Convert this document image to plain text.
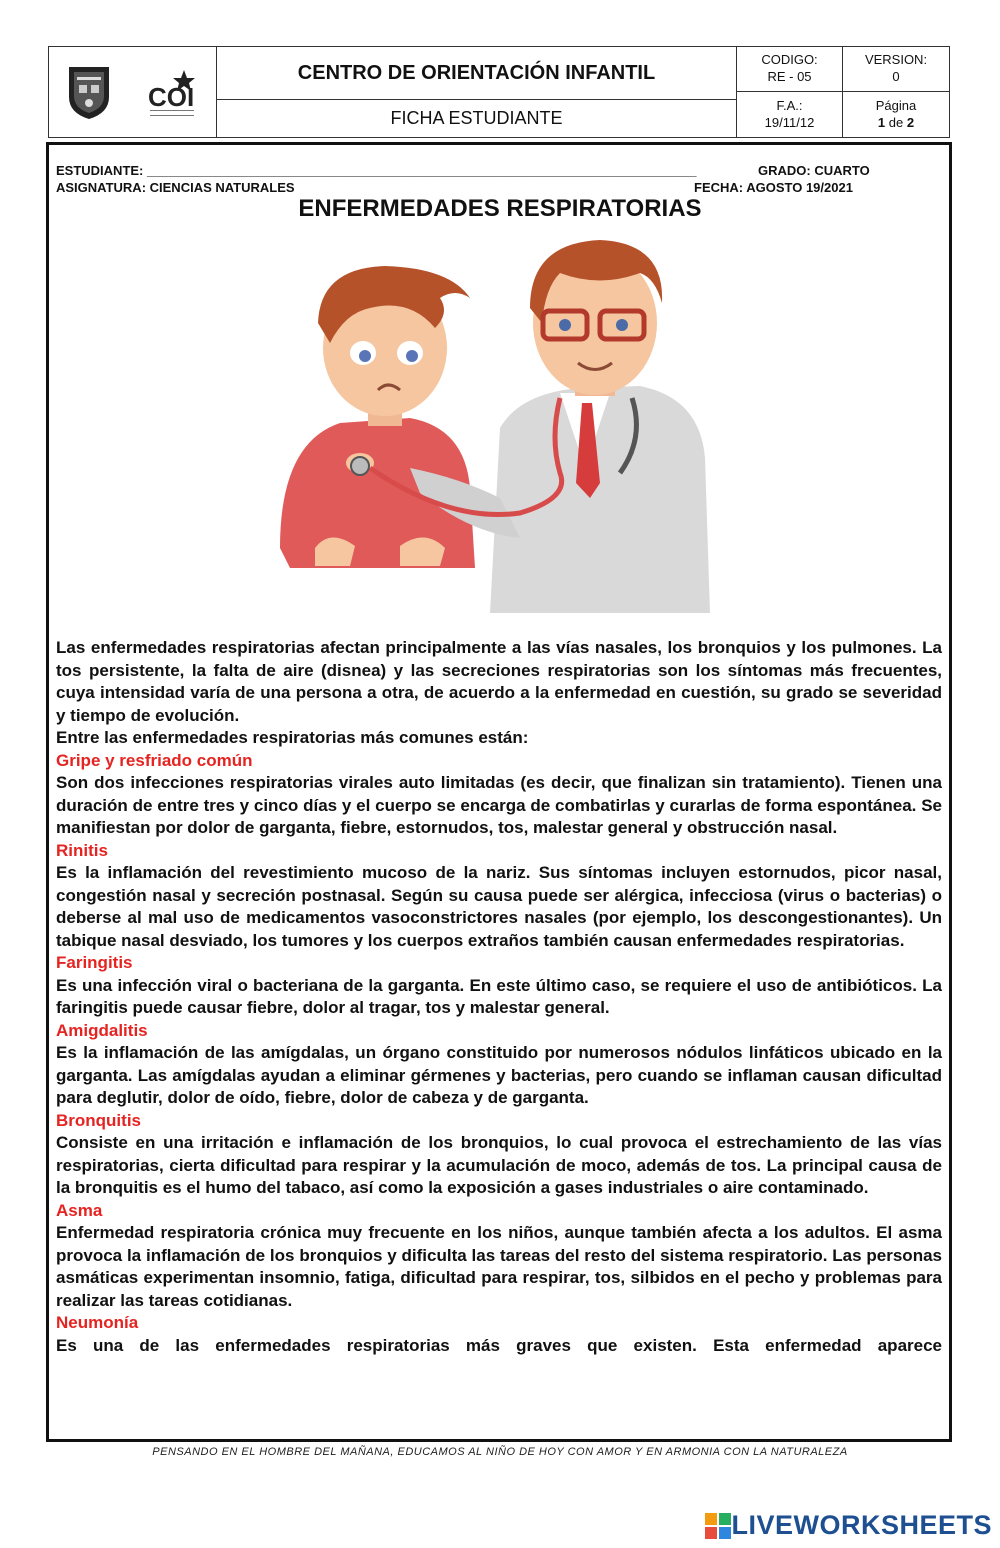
COI
CENTRO DE ORIENTACIÓN INFANTIL
FICHA ESTUDIANTE
CODIGO:
RE - 05
VERSION:
0
F.A.:
19/11/12
Página
1 de 2
ESTUDIANTE: ____________________________________________________________________________	GRADO: CUARTO
ASIGNATURA: CIENCIAS NATURALES	FECHA: AGOSTO 19/2021
ENFERMEDADES RESPIRATORIAS

Las enfermedades respiratorias afectan principalmente a las vías nasales, los bronquios y los pulmones. La tos persistente, la falta de aire (disnea) y las secreciones respiratorias son los síntomas más frecuentes, cuya intensidad varía de una persona a otra, de acuerdo a la enfermedad en cuestión, su grado se severidad y tiempo de evolución.

Entre las enfermedades respiratorias más comunes están:

Gripe y resfriado común

Son dos infecciones respiratorias virales auto limitadas (es decir, que finalizan sin tratamiento). Tienen una duración de entre tres y cinco días y el cuerpo se encarga de combatirlas y curarlas de forma espontánea. Se manifiestan por dolor de garganta, fiebre, estornudos, tos, malestar general y obstrucción nasal.

Rinitis

Es la inflamación del revestimiento mucoso de la nariz. Sus síntomas incluyen estornudos, picor nasal, congestión nasal y secreción postnasal. Según su causa puede ser alérgica, infecciosa (virus o bacterias) o deberse al mal uso de medicamentos vasoconstrictores nasales (por ejemplo, los descongestionantes). Un tabique nasal desviado, los tumores y los cuerpos extraños también causan enfermedades respiratorias.

Faringitis

Es una infección viral o bacteriana de la garganta. En este último caso, se requiere el uso de antibióticos. La faringitis puede causar fiebre, dolor al tragar, tos y malestar general.

Amigdalitis

Es la inflamación de las amígdalas, un órgano constituido por numerosos nódulos linfáticos ubicado en la garganta. Las amígdalas ayudan a eliminar gérmenes y bacterias, pero cuando se inflaman causan dificultad para deglutir, dolor de oído, fiebre, dolor de cabeza y de garganta.

Bronquitis

Consiste en una irritación e inflamación de los bronquios, lo cual provoca el estrechamiento de las vías respiratorias, cierta dificultad para respirar y la acumulación de moco, además de tos. La principal causa de la bronquitis es el humo del tabaco, así como la exposición a gases industriales o aire contaminado.

Asma

Enfermedad respiratoria crónica muy frecuente en los niños, aunque también afecta a los adultos. El asma provoca la inflamación de los bronquios y dificulta las tareas del resto del sistema respiratorio. Las personas asmáticas experimentan insomnio, fatiga, dificultad para respirar, tos, silbidos en el pecho y problemas para realizar las tareas cotidianas.

Neumonía

Es una de las enfermedades respiratorias más graves que existen. Esta enfermedad aparece

PENSANDO EN EL HOMBRE DEL MAÑANA, EDUCAMOS AL NIÑO DE HOY CON AMOR Y EN ARMONIA CON LA NATURALEZA
LIVEWORKSHEETS
